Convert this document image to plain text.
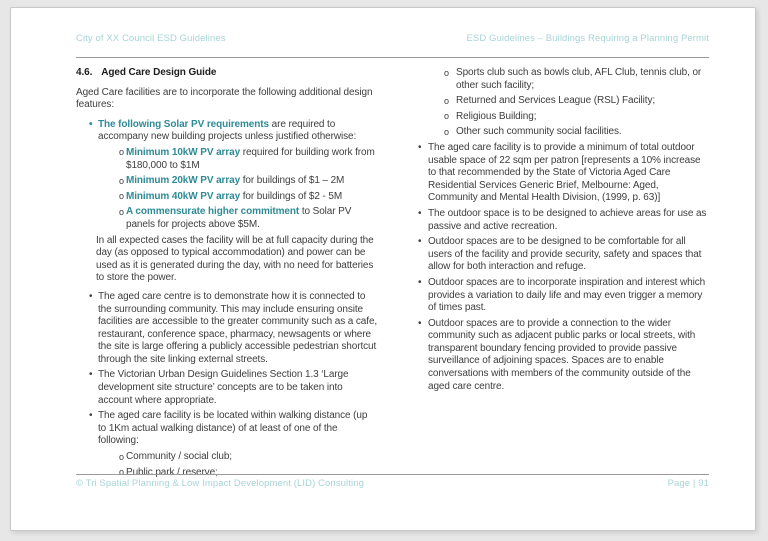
City of XX Council ESD Guidelines	ESD Guidelines – Buildings Requiring a Planning Permit
4.6. Aged Care Design Guide

Aged Care facilities are to incorporate the following additional design features:

• The following Solar PV requirements are required to accompany new building projects unless justified otherwise:
o Minimum 10kW PV array required for building work from $180,000 to $1M
o Minimum 20kW PV array for buildings of $1 – 2M
o Minimum 40kW PV array for buildings of $2 - 5M
o A commensurate higher commitment to Solar PV panels for projects above $5M.

In all expected cases the facility will be at full capacity during the day (as opposed to typical accommodation) and power can be used as it is generated during the day, with no need for batteries to store the power.

• The aged care centre is to demonstrate how it is connected to the surrounding community. This may include ensuring onsite facilities are accessible to the greater community such as a cafe, restaurant, conference space, pharmacy, newsagents or where the site is large offering a publicly accessible pedestrian shortcut through the site linking external streets.
• The Victorian Urban Design Guidelines Section 1.3 ‘Large development site structure’ concepts are to be taken into account where appropriate.
• The aged care facility is be located within walking distance (up to 1Km actual walking distance) of at least of one of the following:
o Community / social club;
o Public park / reserve;
o Sports club such as bowls club, AFL Club, tennis club, or other such facility;
o Returned and Services League (RSL) Facility;
o Religious Building;
o Other such community social facilities.
• The aged care facility is to provide a minimum of total outdoor usable space of 22 sqm per patron [represents a 10% increase to that recommended by the State of Victoria Aged Care Residential Services Generic Brief, Melbourne: Aged, Community and Mental Health Division, (1999, p. 63)]
• The outdoor space is to be designed to achieve areas for use as passive and active recreation.
• Outdoor spaces are to be designed to be comfortable for all users of the facility and provide security, safety and spaces that allow for both interaction and refuge.
• Outdoor spaces are to incorporate inspiration and interest which provides a variation to daily life and may even trigger a memory of times past.
• Outdoor spaces are to provide a connection to the wider community such as adjacent public parks or local streets, with transparent boundary fencing provided to provide passive surveillance of adjoining spaces. Spaces are to enable conversations with members of the community outside of the aged care centre.
© Tri Spatial Planning & Low Impact Development (LID) Consulting	Page | 91
